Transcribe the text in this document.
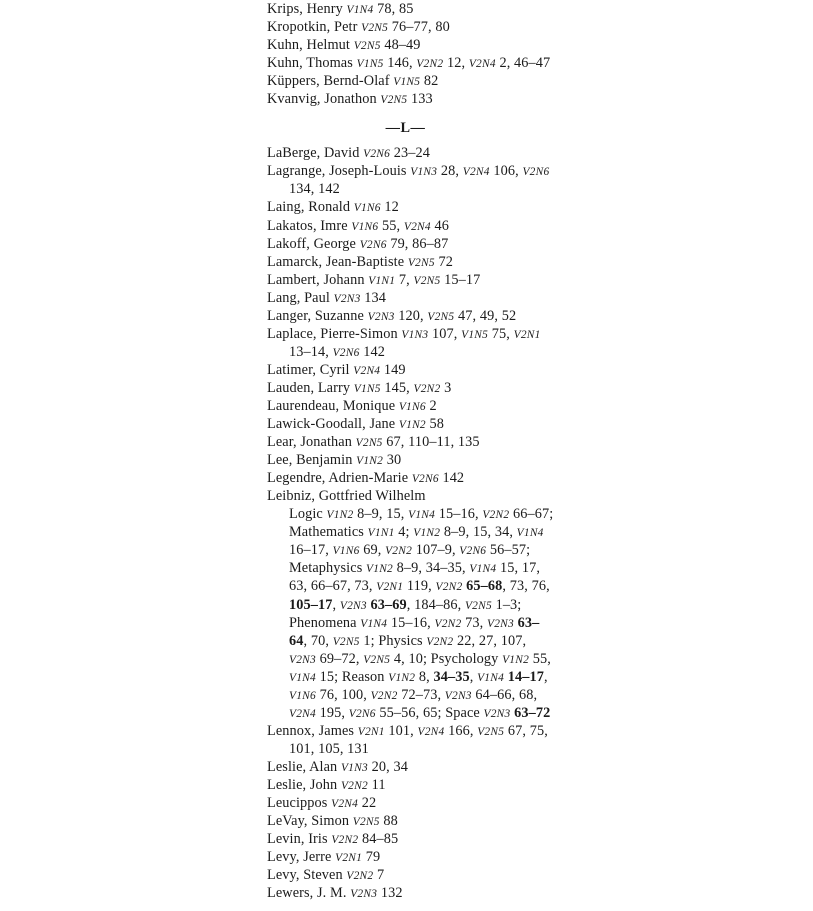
Krips, Henry V1N4 78, 85
Kropotkin, Petr V2N5 76–77, 80
Kuhn, Helmut V2N5 48–49
Kuhn, Thomas V1N5 146, V2N2 12, V2N4 2, 46–47
Küppers, Bernd-Olaf V1N5 82
Kvanvig, Jonathon V2N5 133
—L—
LaBerge, David V2N6 23–24
Lagrange, Joseph-Louis V1N3 28, V2N4 106, V2N6
134, 142
Laing, Ronald V1N6 12
Lakatos, Imre V1N6 55, V2N4 46
Lakoff, George V2N6 79, 86–87
Lamarck, Jean-Baptiste V2N5 72
Lambert, Johann V1N1 7, V2N5 15–17
Lang, Paul V2N3 134
Langer, Suzanne V2N3 120, V2N5 47, 49, 52
Laplace, Pierre-Simon V1N3 107, V1N5 75, V2N1
13–14, V2N6 142
Latimer, Cyril V2N4 149
Lauden, Larry V1N5 145, V2N2 3
Laurendeau, Monique V1N6 2
Lawick-Goodall, Jane V1N2 58
Lear, Jonathan V2N5 67, 110–11, 135
Lee, Benjamin V1N2 30
Legendre, Adrien-Marie V2N6 142
Leibniz, Gottfried Wilhelm
Logic V1N2 8–9, 15, V1N4 15–16, V2N2 66–67;
Mathematics V1N1 4; V1N2 8–9, 15, 34, V1N4
16–17, V1N6 69, V2N2 107–9, V2N6 56–57;
Metaphysics V1N2 8–9, 34–35, V1N4 15, 17,
63, 66–67, 73, V2N1 119, V2N2 65–68, 73, 76,
105–17, V2N3 63–69, 184–86, V2N5 1–3;
Phenomena V1N4 15–16, V2N2 73, V2N3 63–
64, 70, V2N5 1; Physics V2N2 22, 27, 107,
V2N3 69–72, V2N5 4, 10; Psychology V1N2 55,
V1N4 15; Reason V1N2 8, 34–35, V1N4 14–17,
V1N6 76, 100, V2N2 72–73, V2N3 64–66, 68,
V2N4 195, V2N6 55–56, 65; Space V2N3 63–72
Lennox, James V2N1 101, V2N4 166, V2N5 67, 75,
101, 105, 131
Leslie, Alan V1N3 20, 34
Leslie, John V2N2 11
Leucippos V2N4 22
LeVay, Simon V2N5 88
Levin, Iris V2N2 84–85
Levy, Jerre V2N1 79
Levy, Steven V2N2 7
Lewers, J. M. V2N3 132
